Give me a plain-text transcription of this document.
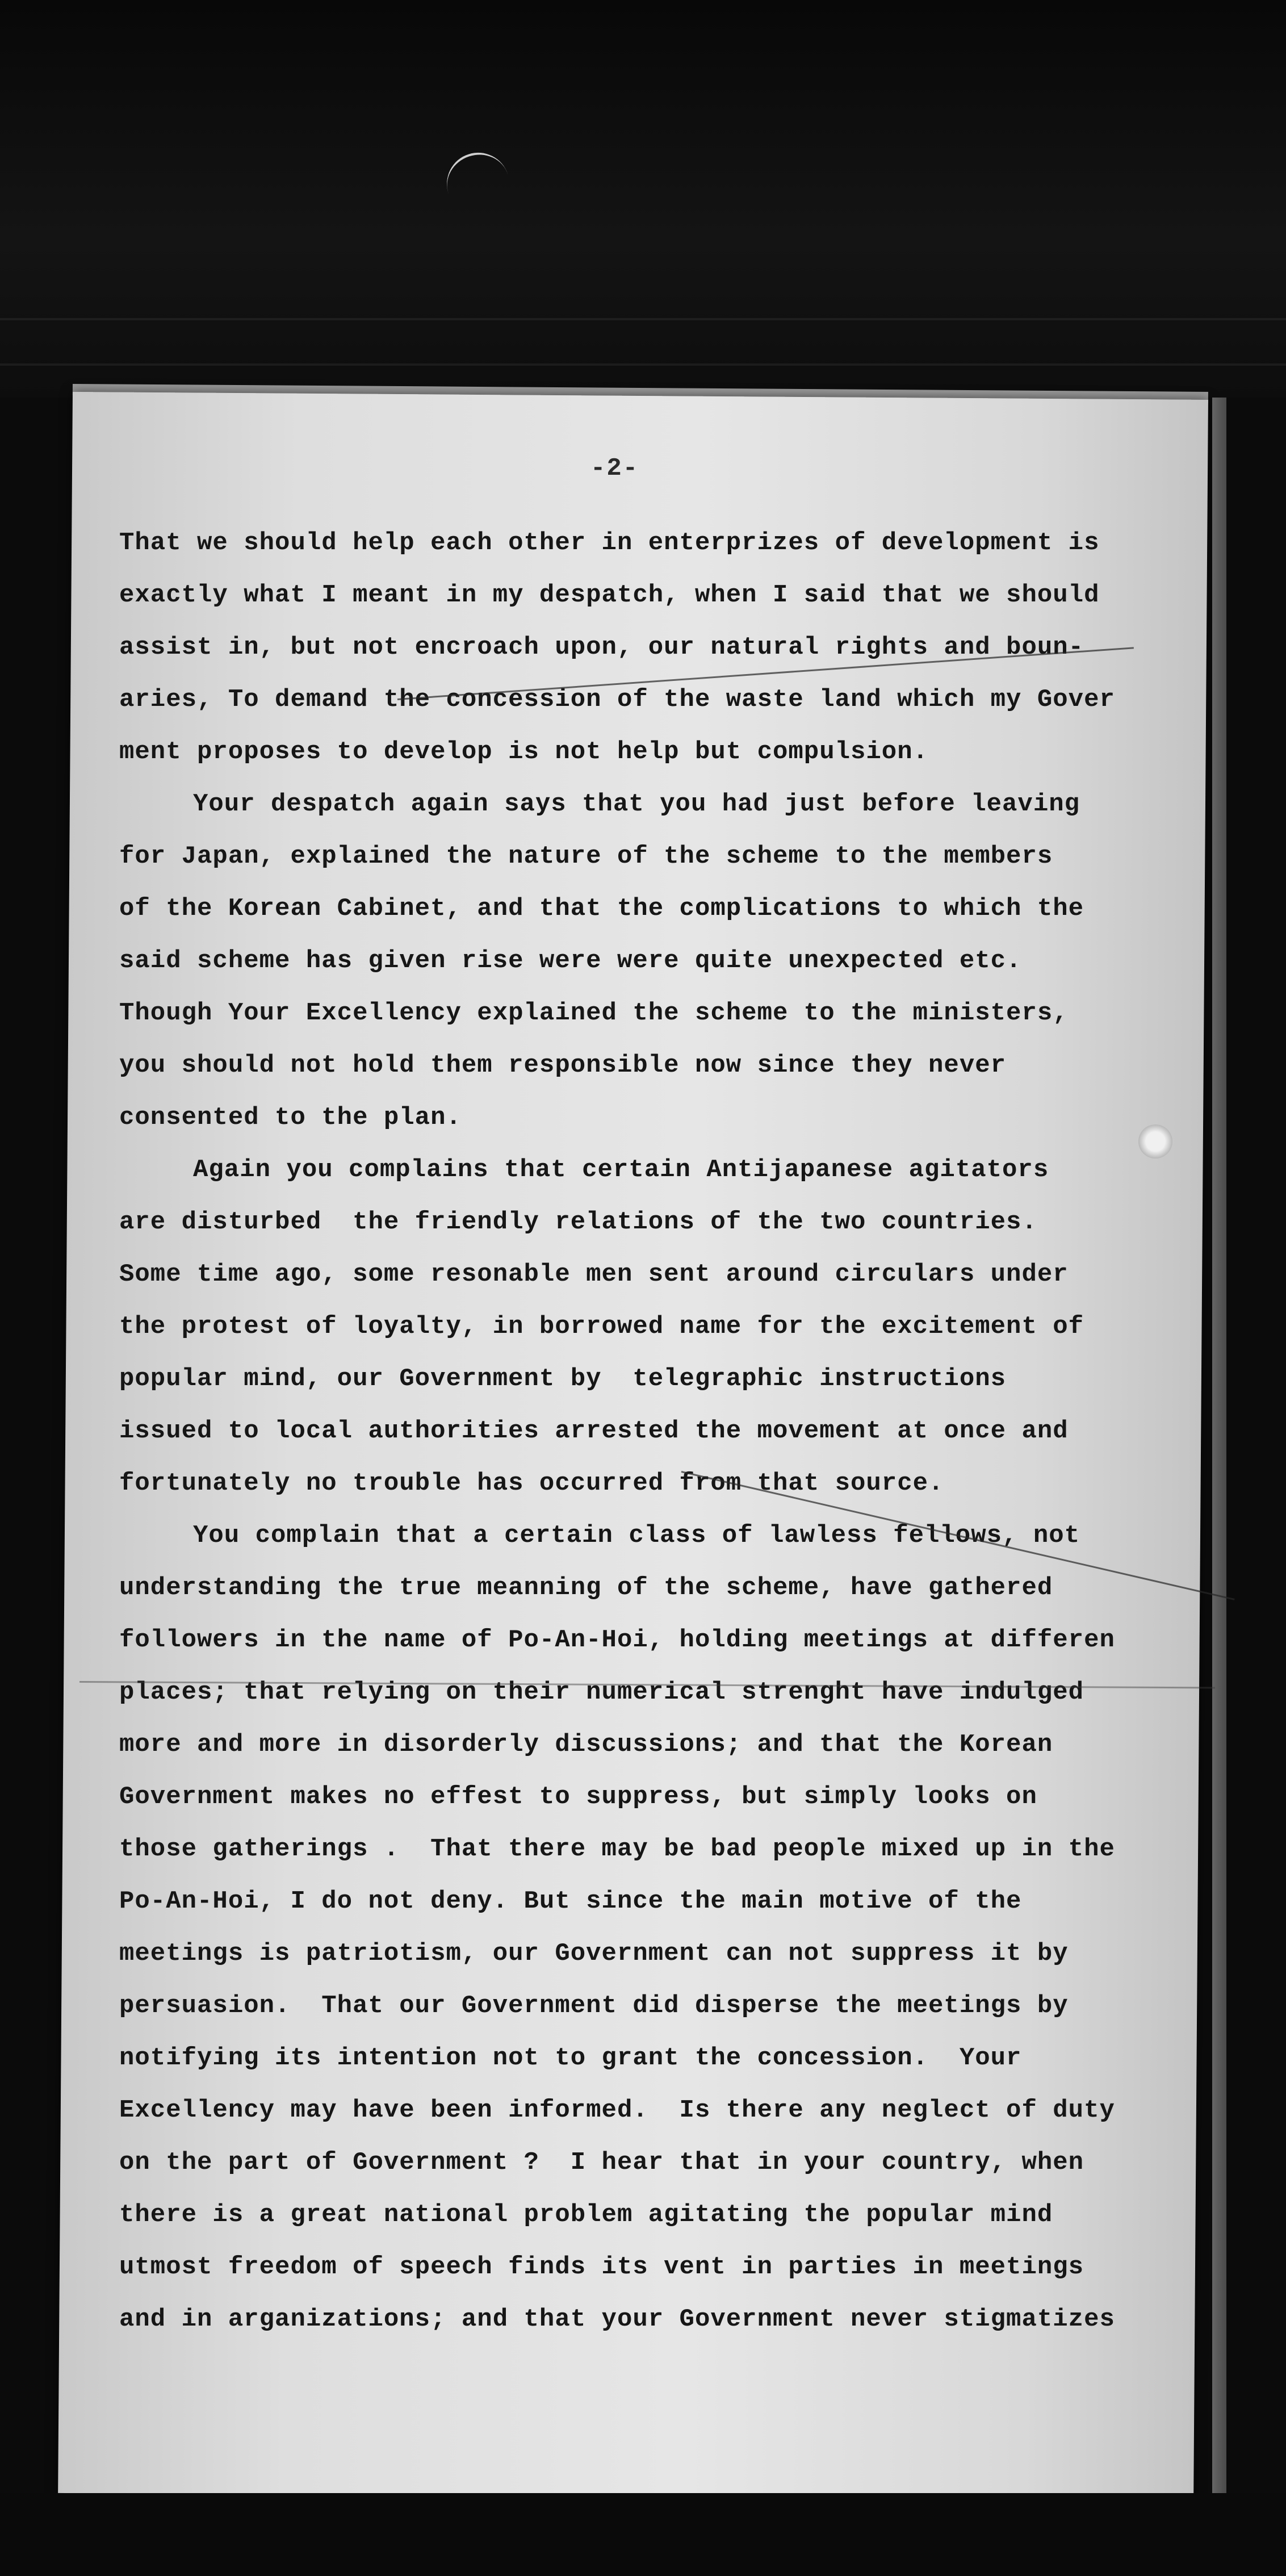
-2-
That we should help each other in enterprizes of development is
exactly what I meant in my despatch, when I said that we should
assist in, but not encroach upon, our natural rights and boun-
aries, To demand the concession of the waste land which my Gover
ment proposes to develop is not help but compulsion.
Your despatch again says that you had just before leaving
for Japan, explained the nature of the scheme to the members
of the Korean Cabinet, and that the complications to which the
said scheme has given rise were were quite unexpected etc.
Though Your Excellency explained the scheme to the ministers,
you should not hold them responsible now since they never
consented to the plan.
Again you complains that certain Antijapanese agitators
are disturbed  the friendly relations of the two countries.
Some time ago, some resonable men sent around circulars under
the protest of loyalty, in borrowed name for the excitement of
popular mind, our Government by  telegraphic instructions
issued to local authorities arrested the movement at once and
fortunately no trouble has occurred from that source.
You complain that a certain class of lawless fellows, not
understanding the true meanning of the scheme, have gathered
followers in the name of Po-An-Hoi, holding meetings at differen
places; that relying on their numerical strenght have indulged
more and more in disorderly discussions; and that the Korean
Government makes no effest to suppress, but simply looks on
those gatherings .  That there may be bad people mixed up in the
Po-An-Hoi, I do not deny. But since the main motive of the
meetings is patriotism, our Government can not suppress it by
persuasion.  That our Government did disperse the meetings by
notifying its intention not to grant the concession.  Your
Excellency may have been informed.  Is there any neglect of duty
on the part of Government ?  I hear that in your country, when
there is a great national problem agitating the popular mind
utmost freedom of speech finds its vent in parties in meetings
and in arganizations; and that your Government never stigmatizes
